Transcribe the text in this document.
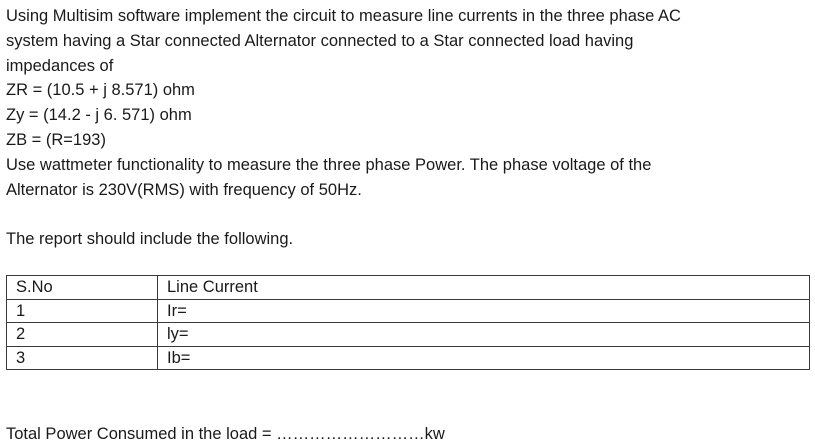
Using Multisim software implement the circuit to measure line currents in the three phase AC
system having a Star connected Alternator connected to a Star connected load having
impedances of
ZR = (10.5 + j 8.571) ohm
Zy = (14.2 - j 6. 571) ohm
ZB = (R=193)
Use wattmeter functionality to measure the three phase Power. The phase voltage of the
Alternator is 230V(RMS) with frequency of 50Hz.
The report should include the following.
S.No	Line Current
1	Ir=
2	ly=
3	Ib=
Total Power Consumed in the load = ………………………kw
